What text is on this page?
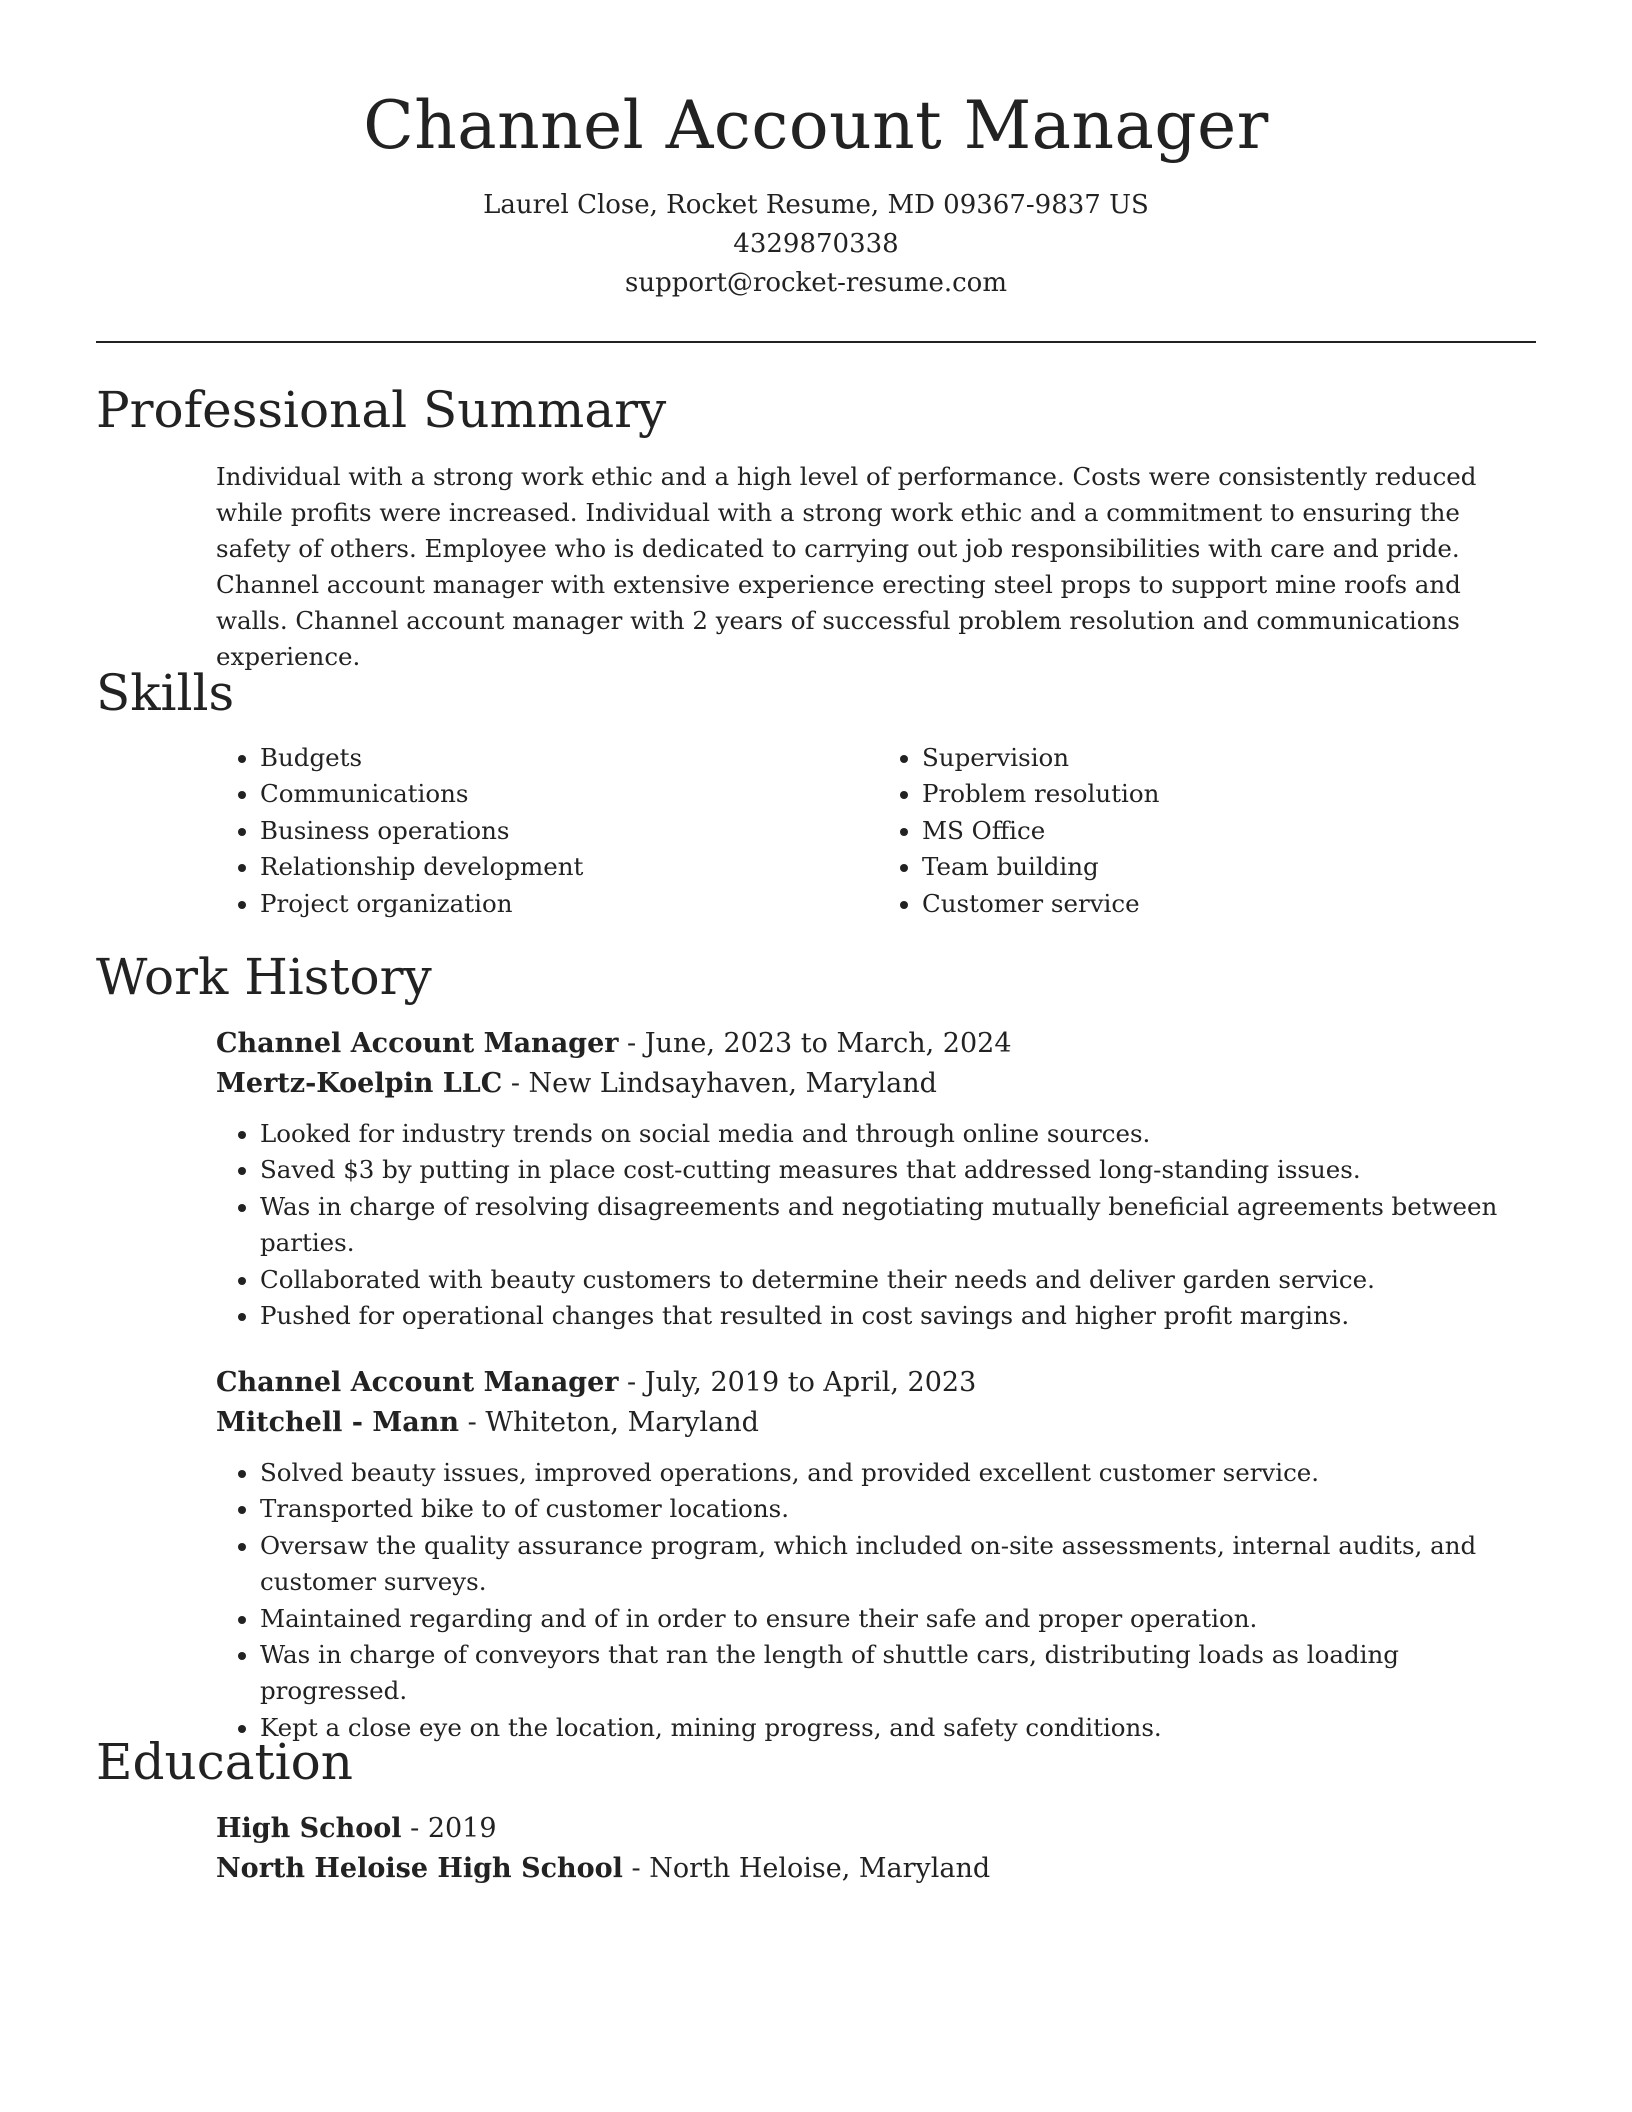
Channel Account Manager
Laurel Close, Rocket Resume, MD 09367-9837 US
4329870338
support@rocket-resume.com
Professional Summary

Individual with a strong work ethic and a high level of performance. Costs were consistently reduced while profits were increased. Individual with a strong work ethic and a commitment to ensuring the safety of others. Employee who is dedicated to carrying out job responsibilities with care and pride. Channel account manager with extensive experience erecting steel props to support mine roofs and walls. Channel account manager with 2 years of successful problem resolution and communications experience.

Skills
• Budgets
• Communications
• Business operations
• Relationship development
• Project organization
• Supervision
• Problem resolution
• MS Office
• Team building
• Customer service
Work History
Channel Account Manager - June, 2023 to March, 2024
Mertz-Koelpin LLC - New Lindsayhaven, Maryland
• Looked for industry trends on social media and through online sources.
• Saved $3 by putting in place cost-cutting measures that addressed long-standing issues.
• Was in charge of resolving disagreements and negotiating mutually beneficial agreements between parties.
• Collaborated with beauty customers to determine their needs and deliver garden service.
• Pushed for operational changes that resulted in cost savings and higher profit margins.
Channel Account Manager - July, 2019 to April, 2023
Mitchell - Mann - Whiteton, Maryland
• Solved beauty issues, improved operations, and provided excellent customer service.
• Transported bike to of customer locations.
• Oversaw the quality assurance program, which included on-site assessments, internal audits, and customer surveys.
• Maintained regarding and of in order to ensure their safe and proper operation.
• Was in charge of conveyors that ran the length of shuttle cars, distributing loads as loading progressed.
• Kept a close eye on the location, mining progress, and safety conditions.
Education
High School - 2019
North Heloise High School - North Heloise, Maryland
